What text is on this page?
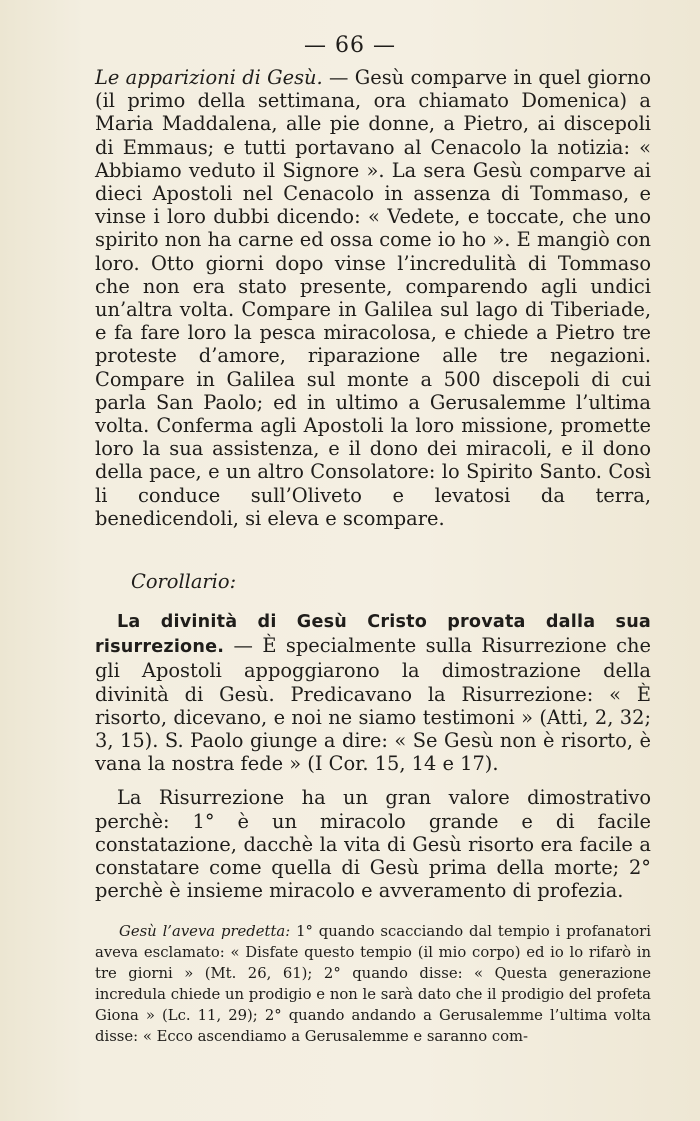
— 66 —

Le apparizioni di Gesù. — Gesù comparve in quel giorno (il primo della settimana, ora chiamato Domenica) a Maria Maddalena, alle pie donne, a Pietro, ai discepoli di Emmaus; e tutti portavano al Cenacolo la notizia: « Abbiamo veduto il Signore ». La sera Gesù comparve ai dieci Apostoli nel Cenacolo in assenza di Tommaso, e vinse i loro dubbi dicendo: « Vedete, e toccate, che uno spirito non ha carne ed ossa come io ho ». E mangiò con loro. Otto giorni dopo vinse l’incredulità di Tommaso che non era stato presente, comparendo agli undici un’altra volta. Compare in Galilea sul lago di Tiberiade, e fa fare loro la pesca miracolosa, e chiede a Pietro tre proteste d’amore, riparazione alle tre negazioni. Compare in Galilea sul monte a 500 discepoli di cui parla San Paolo; ed in ultimo a Gerusalemme l’ultima volta. Conferma agli Apostoli la loro missione, promette loro la sua assistenza, e il dono dei miracoli, e il dono della pace, e un altro Consolatore: lo Spirito Santo. Così li conduce sull’Oliveto e levatosi da terra, benedicendoli, si eleva e scompare.

Corollario:

La divinità di Gesù Cristo provata dalla sua risurrezione. — È specialmente sulla Risurrezione che gli Apostoli appoggiarono la dimostrazione della divinità di Gesù. Predicavano la Risurrezione: « È risorto, dicevano, e noi ne siamo testimoni » (Atti, 2, 32; 3, 15). S. Paolo giunge a dire: « Se Gesù non è risorto, è vana la nostra fede » (I Cor. 15, 14 e 17).

La Risurrezione ha un gran valore dimostrativo perchè: 1° è un miracolo grande e di facile constatazione, dacchè la vita di Gesù risorto era facile a constatare come quella di Gesù prima della morte; 2° perchè è insieme miracolo e avveramento di profezia.

Gesù l’aveva predetta: 1° quando scacciando dal tempio i profanatori aveva esclamato: « Disfate questo tempio (il mio corpo) ed io lo rifarò in tre giorni » (Mt. 26, 61); 2° quando disse: « Questa generazione incredula chiede un prodigio e non le sarà dato che il prodigio del profeta Giona » (Lc. 11, 29); 2° quando andando a Gerusalemme l’ultima volta disse: « Ecco ascendiamo a Gerusalemme e saranno com-
